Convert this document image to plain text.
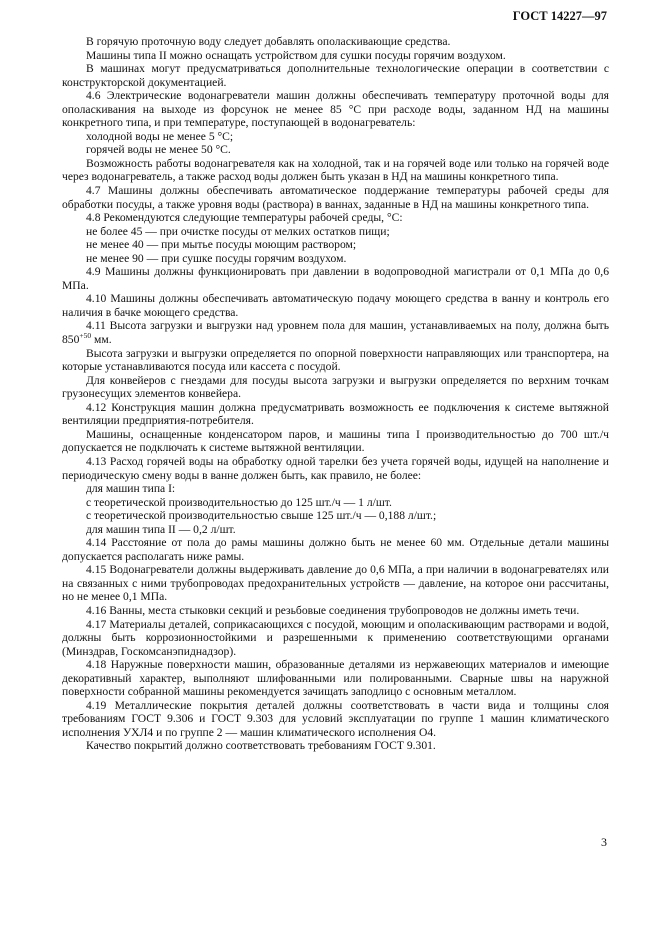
ГОСТ 14227—97

В горячую проточную воду следует добавлять ополаскивающие средства.

Машины типа II можно оснащать устройством для сушки посуды горячим воздухом.

В машинах могут предусматриваться дополнительные технологические операции в соответствии с конструкторской документацией.

4.6 Электрические водонагреватели машин должны обеспечивать температуру проточной воды для ополаскивания на выходе из форсунок не менее 85 °С при расходе воды, заданном НД на машины конкретного типа, и при температуре, поступающей в водонагреватель:

холодной воды не менее 5 °С;

горячей воды не менее 50 °С.

Возможность работы водонагревателя как на холодной, так и на горячей воде или только на горячей воде через водонагреватель, а также расход воды должен быть указан в НД на машины конкретного типа.

4.7 Машины должны обеспечивать автоматическое поддержание температуры рабочей среды для обработки посуды, а также уровня воды (раствора) в ваннах, заданные в НД на машины конкретного типа.

4.8 Рекомендуются следующие температуры рабочей среды, °С:

не более 45 — при очистке посуды от мелких остатков пищи;

не менее 40 — при мытье посуды моющим раствором;

не менее 90 — при сушке посуды горячим воздухом.

4.9 Машины должны функционировать при давлении в водопроводной магистрали от 0,1 МПа до 0,6 МПа.

4.10 Машины должны обеспечивать автоматическую подачу моющего средства в ванну и контроль его наличия в бачке моющего средства.

4.11 Высота загрузки и выгрузки над уровнем пола для машин, устанавливаемых на полу, должна быть $850^{+50}$ мм.

Высота загрузки и выгрузки определяется по опорной поверхности направляющих или транспортера, на которые устанавливаются посуда или кассета с посудой.

Для конвейеров с гнездами для посуды высота загрузки и выгрузки определяется по верхним точкам грузонесущих элементов конвейера.

4.12 Конструкция машин должна предусматривать возможность ее подключения к системе вытяжной вентиляции предприятия-потребителя.

Машины, оснащенные конденсатором паров, и машины типа I производительностью до 700 шт./ч допускается не подключать к системе вытяжной вентиляции.

4.13 Расход горячей воды на обработку одной тарелки без учета горячей воды, идущей на наполнение и периодическую смену воды в ванне должен быть, как правило, не более:

для машин типа I:

с теоретической производительностью до 125 шт./ч — 1 л/шт.

с теоретической производительностью свыше 125 шт./ч — 0,188 л/шт.;

для машин типа II — 0,2 л/шт.

4.14 Расстояние от пола до рамы машины должно быть не менее 60 мм. Отдельные детали машины допускается располагать ниже рамы.

4.15 Водонагреватели должны выдерживать давление до 0,6 МПа, а при наличии в водонагревателях или на связанных с ними трубопроводах предохранительных устройств — давление, на которое они рассчитаны, но не менее 0,1 МПа.

4.16 Ванны, места стыковки секций и резьбовые соединения трубопроводов не должны иметь течи.

4.17 Материалы деталей, соприкасающихся с посудой, моющим и ополаскивающим растворами и водой, должны быть коррозионностойкими и разрешенными к применению соответствующими органами (Минздрав, Госкомсанэпиднадзор).

4.18 Наружные поверхности машин, образованные деталями из нержавеющих материалов и имеющие декоративный характер, выполняют шлифованными или полированными. Сварные швы на наружной поверхности собранной машины рекомендуется зачищать заподлицо с основным металлом.

4.19 Металлические покрытия деталей должны соответствовать в части вида и толщины слоя требованиям ГОСТ 9.306 и ГОСТ 9.303 для условий эксплуатации по группе 1 машин климатического исполнения УХЛ4 и по группе 2 — машин климатического исполнения О4.

Качество покрытий должно соответствовать требованиям ГОСТ 9.301.

3
